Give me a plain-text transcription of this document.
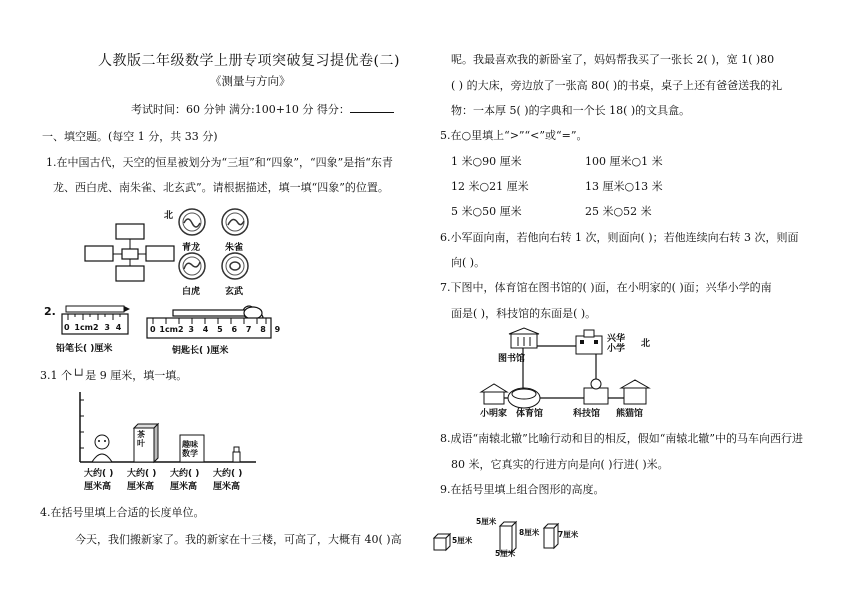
人教版二年级数学上册专项突破复习提优卷(二)
《测量与方向》
考试时间：60 分钟 满分:100+10 分 得分：
一、填空题。(每空 1 分，共 33 分)
1.在中国古代，天空的恒星被划分为“三垣”和“四象”，“四象”是指“东青
龙、西白虎、南朱雀、北玄武”。请根据描述，填一填“四象”的位置。
北
青龙	朱雀
白虎	玄武
2.
0 1cm2 3 4
铅笔长( )厘米
0 1cm2 3 4 5 6 7 8 9
钥匙长( )厘米
3.1 个└┘是 9 厘米，填一填。
茶叶	趣味数学
大约( )
厘米高
大约( )
厘米高
大约( )
厘米高
大约( )
厘米高
4.在括号里填上合适的长度单位。
今天，我们搬新家了。我的新家在十三楼，可高了，大概有 40( )高
呢。我最喜欢我的新卧室了，妈妈帮我买了一张长 2( )，宽 1( )80
( ) 的大床，旁边放了一张高 80( )的书桌，桌子上还有爸爸送我的礼
物：一本厚 5( )的字典和一个长 18( )的文具盒。
5.在○里填上“>”“<”或“=”。
1 米○90 厘米	100 厘米○1 米
12 米○21 厘米	13 厘米○13 米
5 米○50 厘米	25 米○52 米
6.小军面向南，若他向右转 1 次，则面向( )；若他连续向右转 3 次，则面
向( )。
7.下图中，体育馆在图书馆的( )面，在小明家的( )面；兴华小学的南
面是( )，科技馆的东面是( )。
北
图书馆
兴华小学
小明家 体育馆	科技馆 熊猫馆
8.成语“南辕北辙”比喻行动和目的相反，假如“南辕北辙”中的马车向西行进
80 米，它真实的行进方向是向( )行进( )米。
9.在括号里填上组合图形的高度。
5厘米
5厘米
8厘米	7厘米
5厘米
